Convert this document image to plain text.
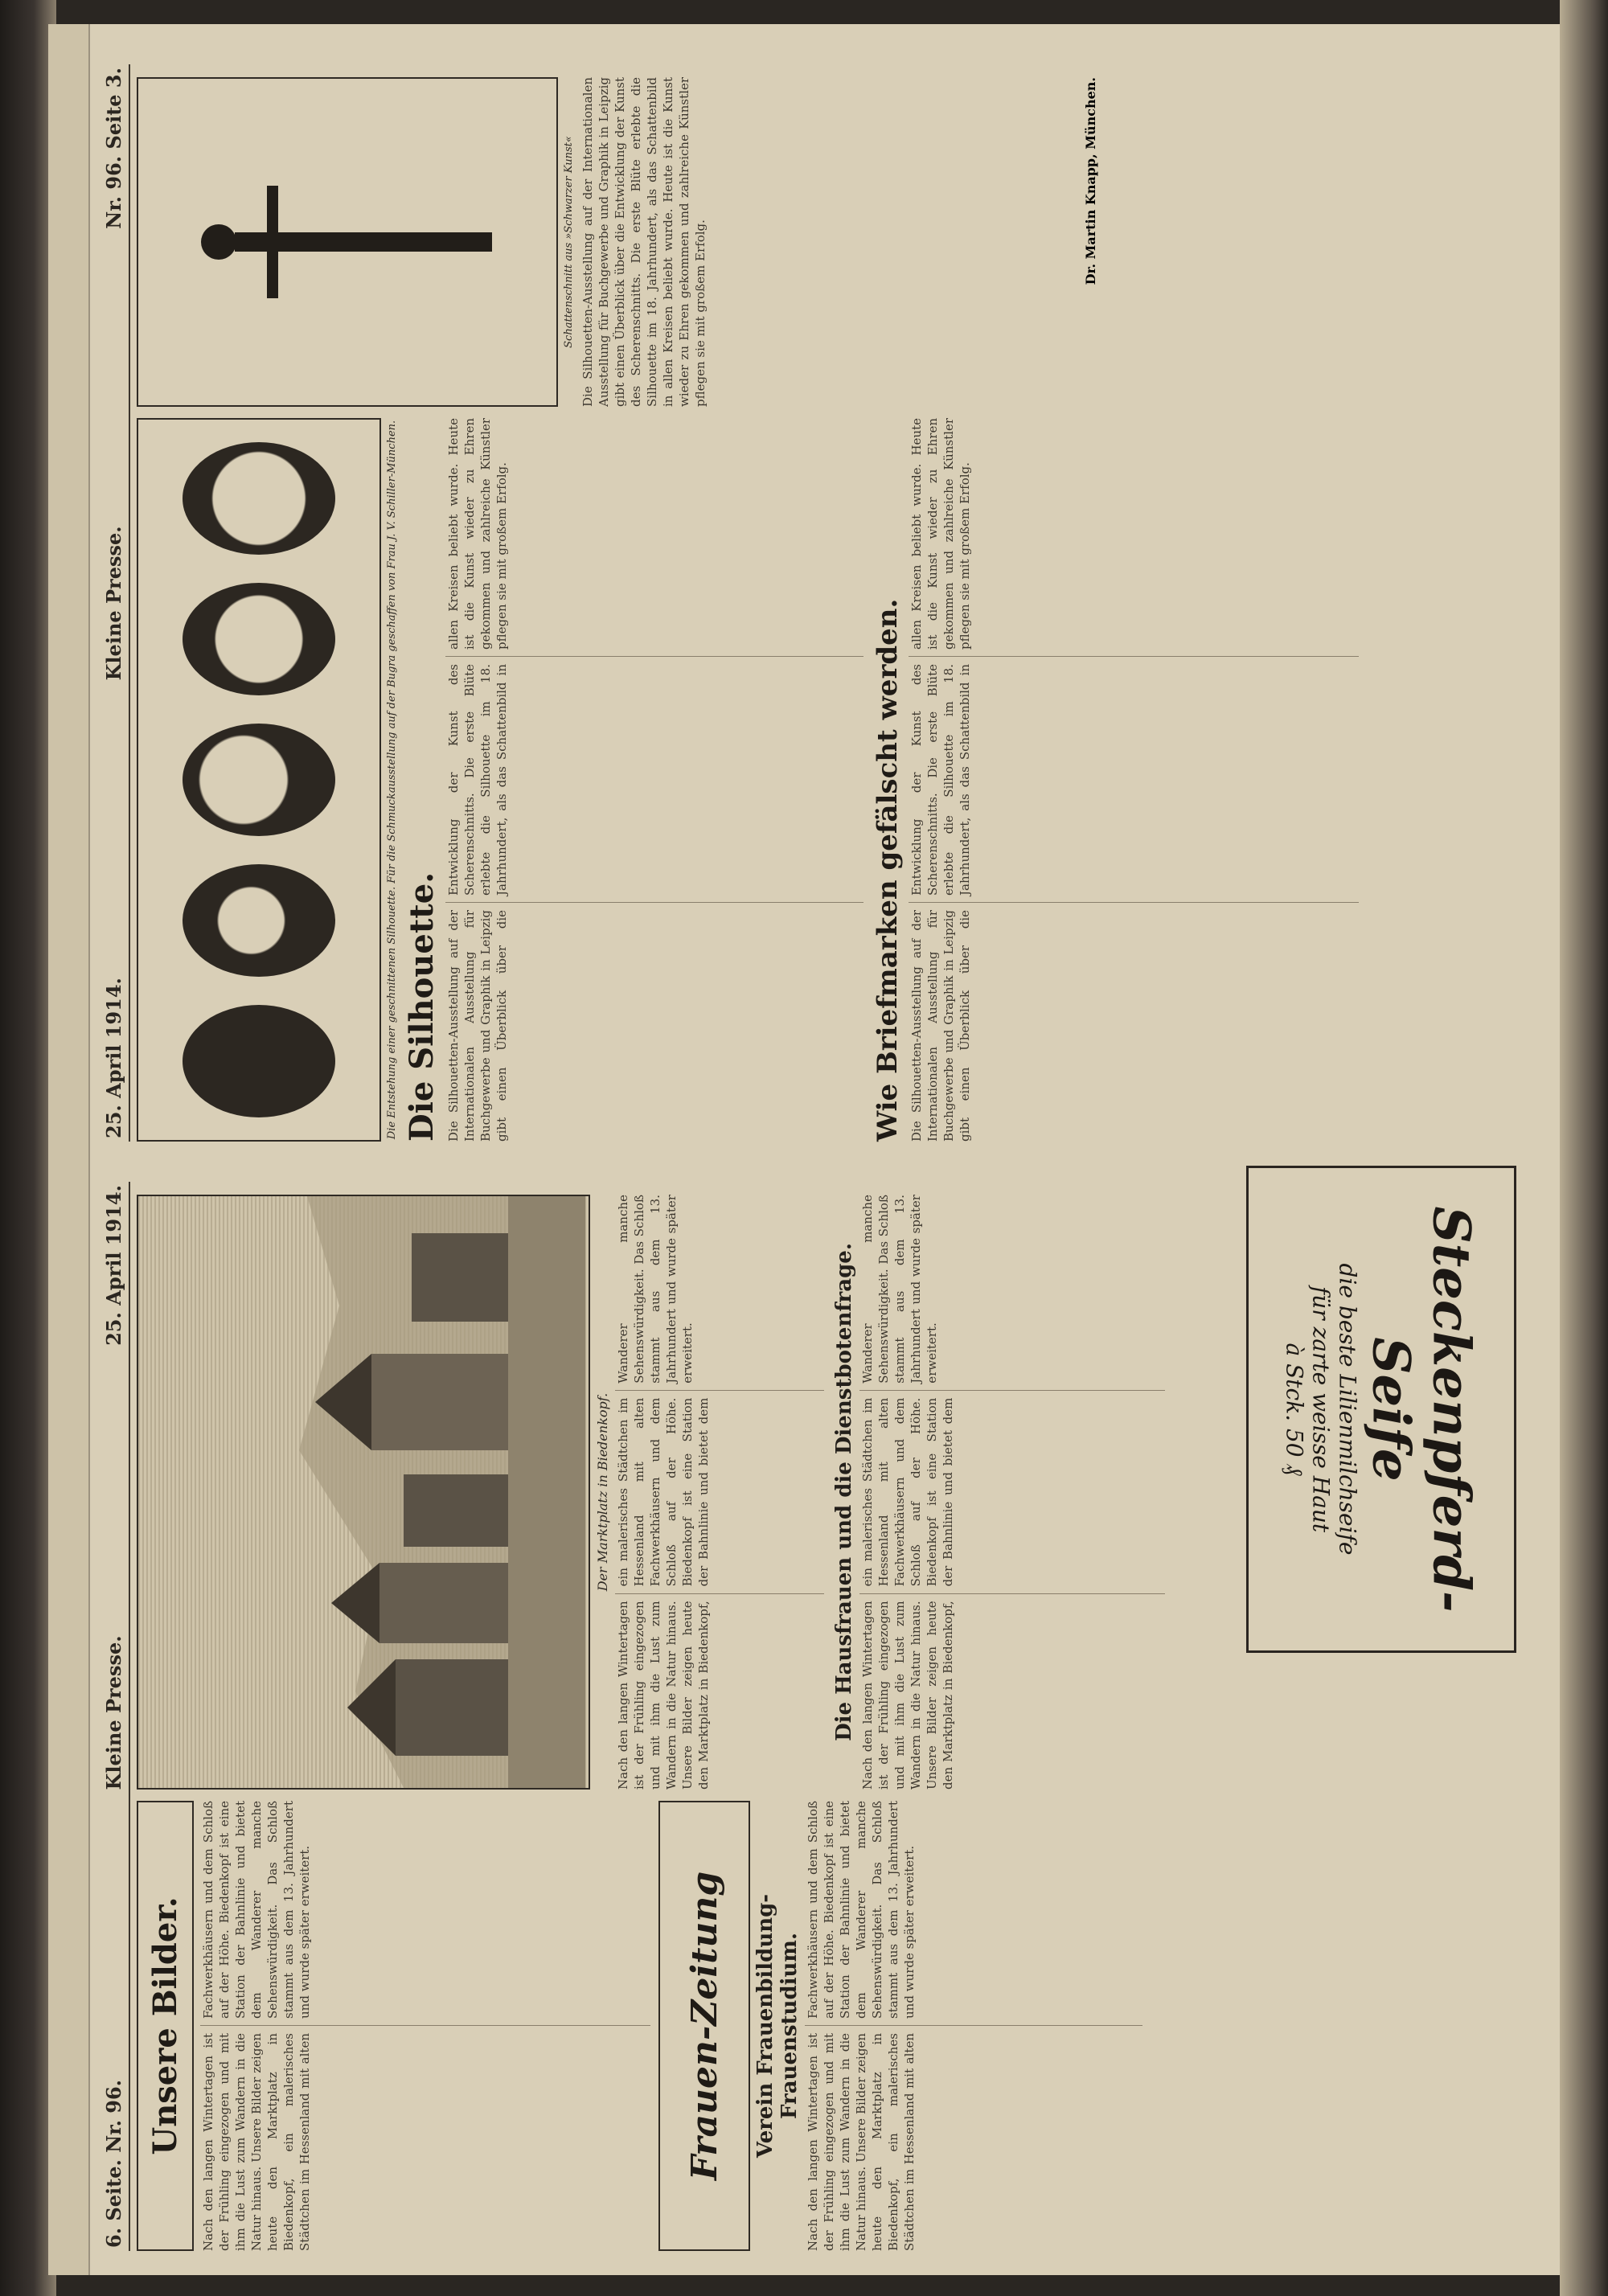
6. Seite. Nr. 96.
Kleine Presse.
25. April 1914.
Unsere Bilder. Nach den langen Wintertagen ist der Frühling eingezogen und mit ihm die Lust zum Wandern in die Natur hinaus. Unsere Bilder zeigen heute den Marktplatz in Biedenkopf, ein malerisches Städtchen im Hessenland mit alten Fachwerkhäusern und dem Schloß auf der Höhe. Biedenkopf ist eine Station der Bahnlinie und bietet dem Wanderer manche Sehenswürdigkeit. Das Schloß stammt aus dem 13. Jahrhundert und wurde später erweitert.	Frauen-Zeitung Verein Frauenbildung-Frauenstudium.
Nach den langen Wintertagen ist der Frühling eingezogen und mit ihm die Lust zum Wandern in die Natur hinaus. Unsere Bilder zeigen heute den Marktplatz in Biedenkopf, ein malerisches Städtchen im Hessenland mit alten Fachwerkhäusern und dem Schloß auf der Höhe. Biedenkopf ist eine Station der Bahnlinie und bietet dem Wanderer manche Sehenswürdigkeit. Das Schloß stammt aus dem 13. Jahrhundert und wurde später erweitert.
Der Marktplatz in Biedenkopf.
Nach den langen Wintertagen ist der Frühling eingezogen und mit ihm die Lust zum Wandern in die Natur hinaus. Unsere Bilder zeigen heute den Marktplatz in Biedenkopf, ein malerisches Städtchen im Hessenland mit alten Fachwerkhäusern und dem Schloß auf der Höhe. Biedenkopf ist eine Station der Bahnlinie und bietet dem Wanderer manche Sehenswürdigkeit. Das Schloß stammt aus dem 13. Jahrhundert und wurde später erweitert.	Die Hausfrauen und die Dienstbotenfrage. Nach den langen Wintertagen ist der Frühling eingezogen und mit ihm die Lust zum Wandern in die Natur hinaus. Unsere Bilder zeigen heute den Marktplatz in Biedenkopf, ein malerisches Städtchen im Hessenland mit alten Fachwerkhäusern und dem Schloß auf der Höhe. Biedenkopf ist eine Station der Bahnlinie und bietet dem Wanderer manche Sehenswürdigkeit. Das Schloß stammt aus dem 13. Jahrhundert und wurde später erweitert.
25. April 1914.
Kleine Presse.
Nr. 96. Seite 3.
Die Entstehung einer geschnittenen Silhouette. Für die Schmuckausstellung auf der Bugra geschaffen von Frau J. V. Schiller-München. Die Silhouette. Die Silhouetten-Ausstellung auf der Internationalen Ausstellung für Buchgewerbe und Graphik in Leipzig gibt einen Überblick über die Entwicklung der Kunst des Scherenschnitts. Die erste Blüte erlebte die Silhouette im 18. Jahrhundert, als das Schattenbild in allen Kreisen beliebt wurde. Heute ist die Kunst wieder zu Ehren gekommen und zahlreiche Künstler pflegen sie mit großem Erfolg.
Wie Briefmarken gefälscht werden. Die Silhouetten-Ausstellung auf der Internationalen Ausstellung für Buchgewerbe und Graphik in Leipzig gibt einen Überblick über die Entwicklung der Kunst des Scherenschnitts. Die erste Blüte erlebte die Silhouette im 18. Jahrhundert, als das Schattenbild in allen Kreisen beliebt wurde. Heute ist die Kunst wieder zu Ehren gekommen und zahlreiche Künstler pflegen sie mit großem Erfolg.
Schattenschnitt aus »Schwarzer Kunst« Die Silhouetten-Ausstellung auf der Internationalen Ausstellung für Buchgewerbe und Graphik in Leipzig gibt einen Überblick über die Entwicklung der Kunst des Scherenschnitts. Die erste Blüte erlebte die Silhouette im 18. Jahrhundert, als das Schattenbild in allen Kreisen beliebt wurde. Heute ist die Kunst wieder zu Ehren gekommen und zahlreiche Künstler pflegen sie mit großem Erfolg.
Dr. Martin Knapp, München.
Steckenpferd-
Seife
die beste Lilienmilchseife
für zarte weisse Haut
à Stck. 50 ₰
